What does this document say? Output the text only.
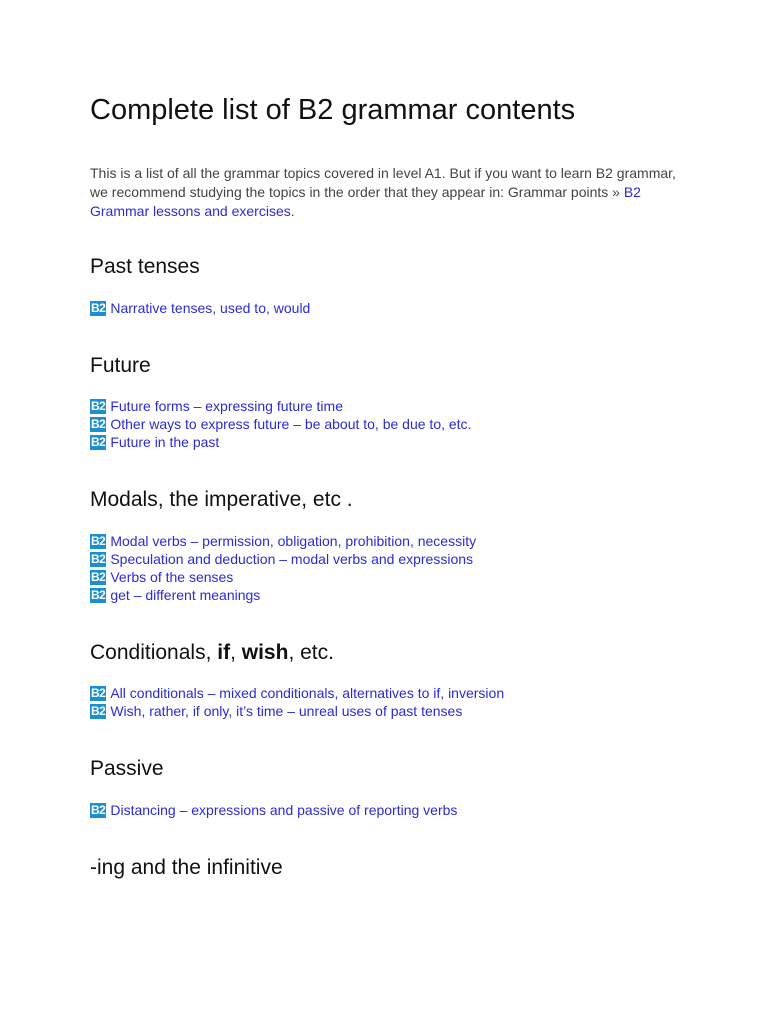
Complete list of B2 grammar contents

This is a list of all the grammar topics covered in level A1. But if you want to learn B2 grammar, we recommend studying the topics in the order that they appear in: Grammar points » B2 Grammar lessons and exercises.

Past tenses
B2 Narrative tenses, used to, would
Future
B2 Future forms – expressing future time
B2 Other ways to express future – be about to, be due to, etc.
B2 Future in the past
Modals, the imperative, etc .
B2 Modal verbs – permission, obligation, prohibition, necessity
B2 Speculation and deduction – modal verbs and expressions
B2 Verbs of the senses
B2 get – different meanings
Conditionals, if, wish, etc.
B2 All conditionals – mixed conditionals, alternatives to if, inversion
B2 Wish, rather, if only, it’s time – unreal uses of past tenses
Passive
B2 Distancing – expressions and passive of reporting verbs
-ing and the infinitive
